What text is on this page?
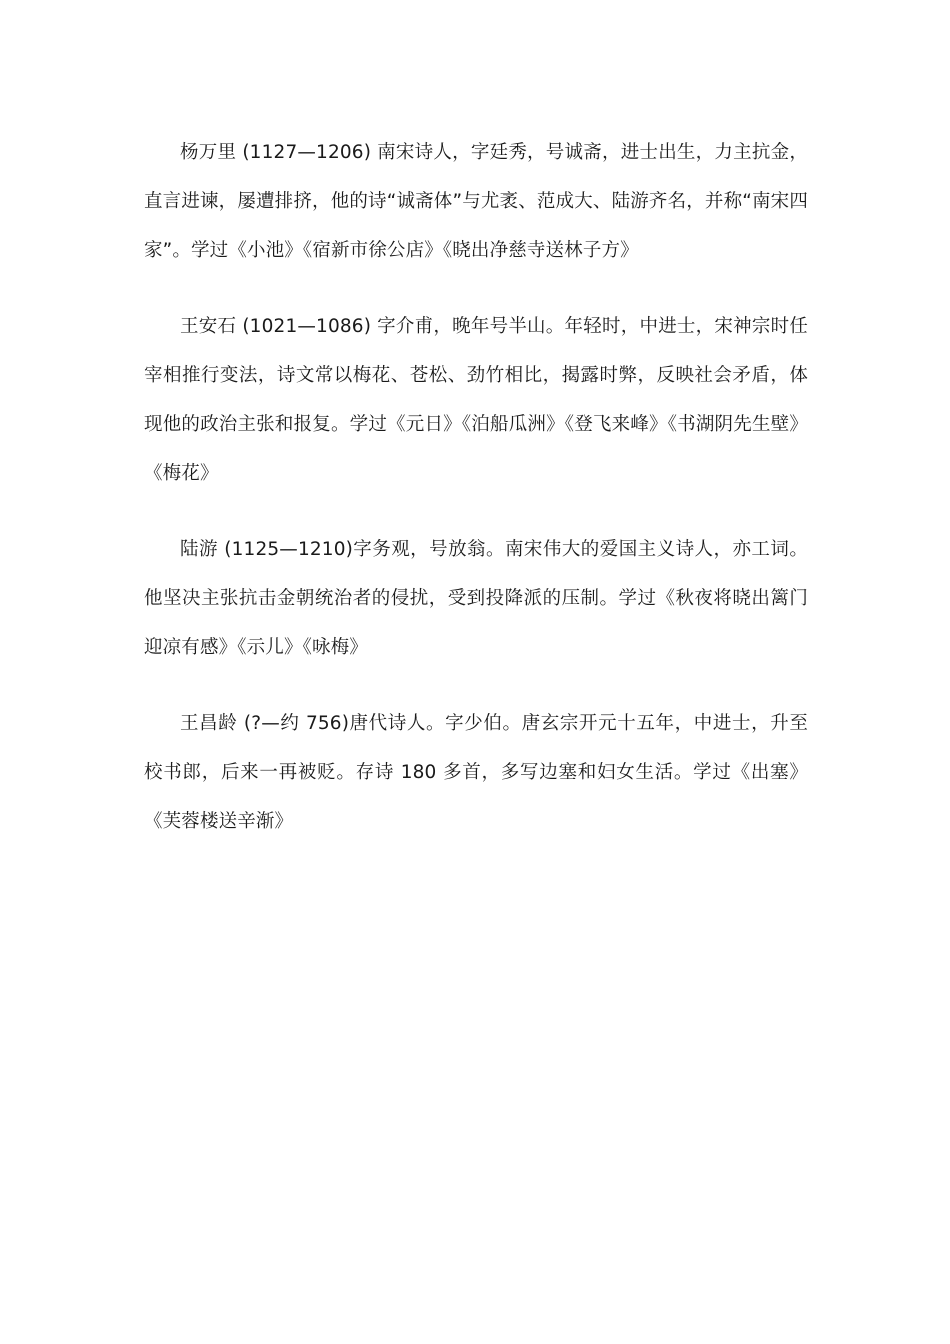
杨万里 (1127—1206) 南宋诗人，字廷秀，号诚斋，进士出生，力主抗金，直言进谏，屡遭排挤，他的诗“诚斋体”与尤袤、范成大、陆游齐名，并称“南宋四家”。学过《小池》《宿新市徐公店》《晓出净慈寺送林子方》

王安石 (1021—1086) 字介甫，晚年号半山。年轻时，中进士，宋神宗时任宰相推行变法，诗文常以梅花、苍松、劲竹相比，揭露时弊，反映社会矛盾，体现他的政治主张和报复。学过《元日》《泊船瓜洲》《登飞来峰》《书湖阴先生壁》《梅花》

陆游 (1125—1210)字务观，号放翁。南宋伟大的爱国主义诗人，亦工词。他坚决主张抗击金朝统治者的侵扰，受到投降派的压制。学过《秋夜将晓出篱门迎凉有感》《示儿》《咏梅》

王昌龄 (?—约 756)唐代诗人。字少伯。唐玄宗开元十五年，中进士，升至校书郎，后来一再被贬。存诗 180 多首，多写边塞和妇女生活。学过《出塞》《芙蓉楼送辛渐》
